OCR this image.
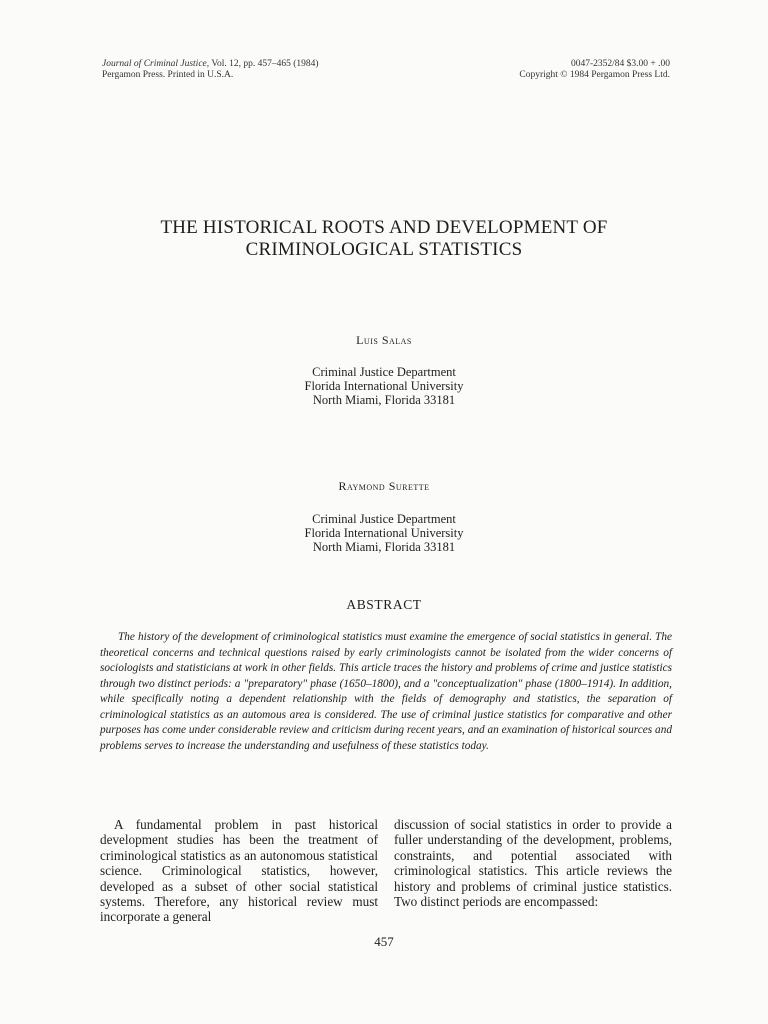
Journal of Criminal Justice, Vol. 12, pp. 457–465 (1984)
Pergamon Press. Printed in U.S.A.
0047-2352/84 $3.00 + .00
Copyright © 1984 Pergamon Press Ltd.
THE HISTORICAL ROOTS AND DEVELOPMENT OF
CRIMINOLOGICAL STATISTICS
Luis Salas
Criminal Justice Department
Florida International University
North Miami, Florida 33181
Raymond Surette
Criminal Justice Department
Florida International University
North Miami, Florida 33181
ABSTRACT

The history of the development of criminological statistics must examine the emergence of social statistics in general. The theoretical concerns and technical questions raised by early criminologists cannot be isolated from the wider concerns of sociologists and statisticians at work in other fields. This article traces the history and problems of crime and justice statistics through two distinct periods: a "preparatory" phase (1650–1800), and a "conceptualization" phase (1800–1914). In addition, while specifically noting a dependent relationship with the fields of demography and statistics, the separation of criminological statistics as an automous area is considered. The use of criminal justice statistics for comparative and other purposes has come under considerable review and criticism during recent years, and an examination of historical sources and problems serves to increase the understanding and usefulness of these statistics today.

A fundamental problem in past historical development studies has been the treatment of criminological statistics as an autonomous statistical science. Criminological statistics, however, developed as a subset of other social statistical systems. Therefore, any historical review must incorporate a general

discussion of social statistics in order to provide a fuller understanding of the development, problems, constraints, and potential associated with criminological statistics. This article reviews the history and problems of criminal justice statistics. Two distinct periods are encompassed:

457
